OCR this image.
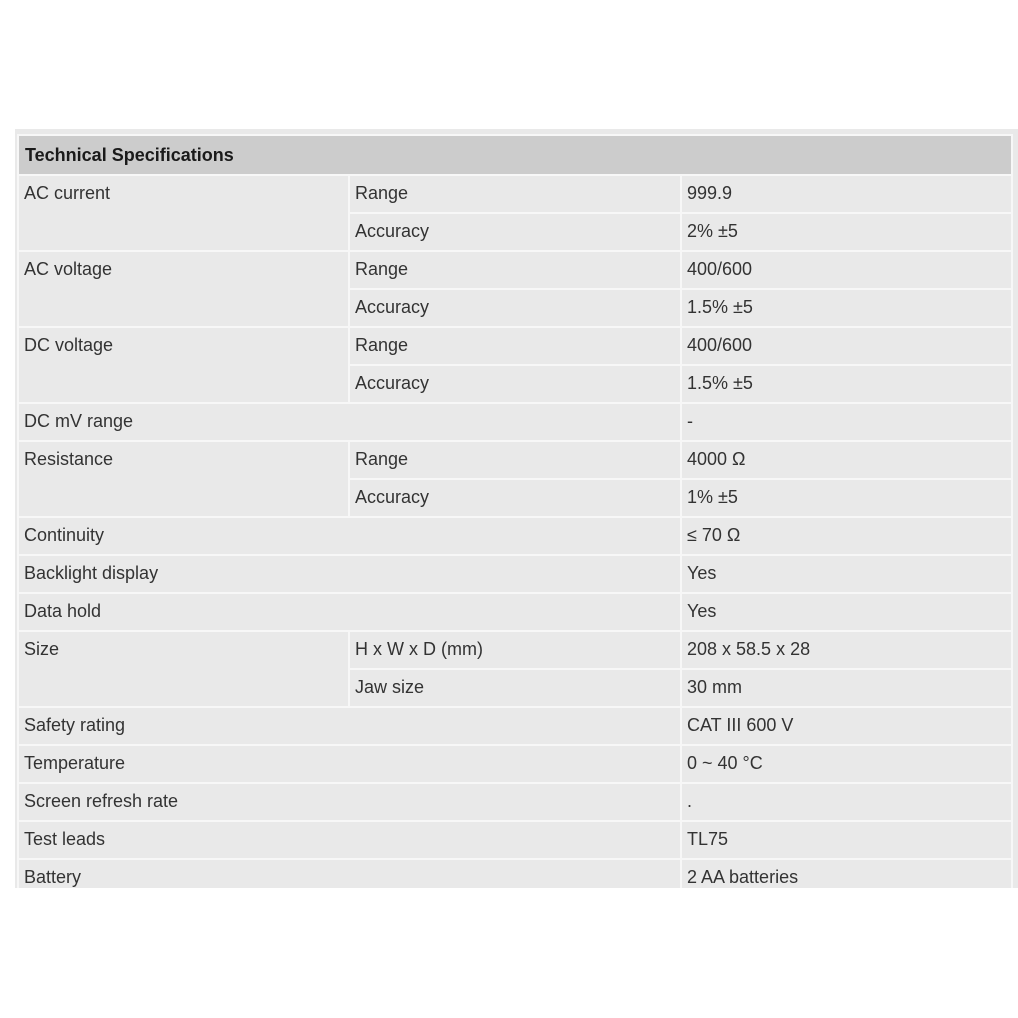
Technical Specifications		
AC current	Range	999.9
	Accuracy	2% ±5
AC voltage	Range	400/600
	Accuracy	1.5% ±5
DC voltage	Range	400/600
	Accuracy	1.5% ±5
DC mV range		-
Resistance	Range	4000 Ω
	Accuracy	1% ±5
Continuity		≤ 70 Ω
Backlight display		Yes
Data hold		Yes
Size	H x W x D (mm)	208 x 58.5 x 28
	Jaw size	30 mm
Safety rating		CAT III 600 V
Temperature		0 ~ 40 °C
Screen refresh rate		.
Test leads		TL75
Battery		2 AA batteries
